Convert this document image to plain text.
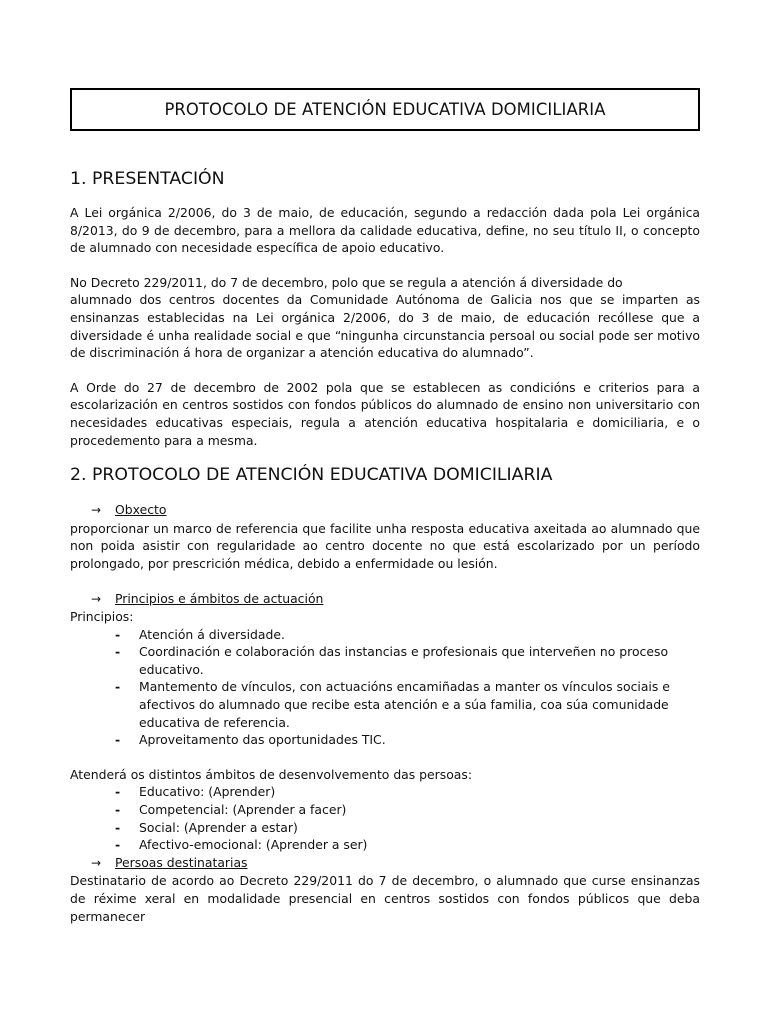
PROTOCOLO DE ATENCIÓN EDUCATIVA DOMICILIARIA
1. PRESENTACIÓN

A Lei orgánica 2/2006, do 3 de maio, de educación, segundo a redacción dada pola Lei orgánica 8/2013, do 9 de decembro, para a mellora da calidade educativa, define, no seu título II, o concepto de alumnado con necesidade específica de apoio educativo.

No Decreto 229/2011, do 7 de decembro, polo que se regula a atención á diversidade do

alumnado dos centros docentes da Comunidade Autónoma de Galicia nos que se imparten as ensinanzas establecidas na Lei orgánica 2/2006, do 3 de maio, de educación recóllese que a diversidade é unha realidade social e que “ningunha circunstancia persoal ou social pode ser motivo de discriminación á hora de organizar a atención educativa do alumnado”.

A Orde do 27 de decembro de 2002 pola que se establecen as condicións e criterios para a escolarización en centros sostidos con fondos públicos do alumnado de ensino non universitario con necesidades educativas especiais, regula a atención educativa hospitalaria e domiciliaria, e o procedemento para a mesma.

2. PROTOCOLO DE ATENCIÓN EDUCATIVA DOMICILIARIA
→ Obxecto

proporcionar un marco de referencia que facilite unha resposta educativa axeitada ao alumnado que non poida asistir con regularidade ao centro docente no que está escolarizado por un período prolongado, por prescrición médica, debido a enfermidade ou lesión.

→ Principios e ámbitos de actuación
Principios:
- Atención á diversidade.
- Coordinación e colaboración das instancias e profesionais que interveñen no proceso educativo.
- Mantemento de vínculos, con actuacións encamiñadas a manter os vínculos sociais e afectivos do alumnado que recibe esta atención e a súa familia, coa súa comunidade educativa de referencia.
- Aproveitamento das oportunidades TIC.
Atenderá os distintos ámbitos de desenvolvemento das persoas:
- Educativo: (Aprender)
- Competencial: (Aprender a facer)
- Social: (Aprender a estar)
- Afectivo-emocional: (Aprender a ser)
→ Persoas destinatarias

Destinatario de acordo ao Decreto 229/2011 do 7 de decembro, o alumnado que curse ensinanzas de réxime xeral en modalidade presencial en centros sostidos con fondos públicos que deba permanecer
